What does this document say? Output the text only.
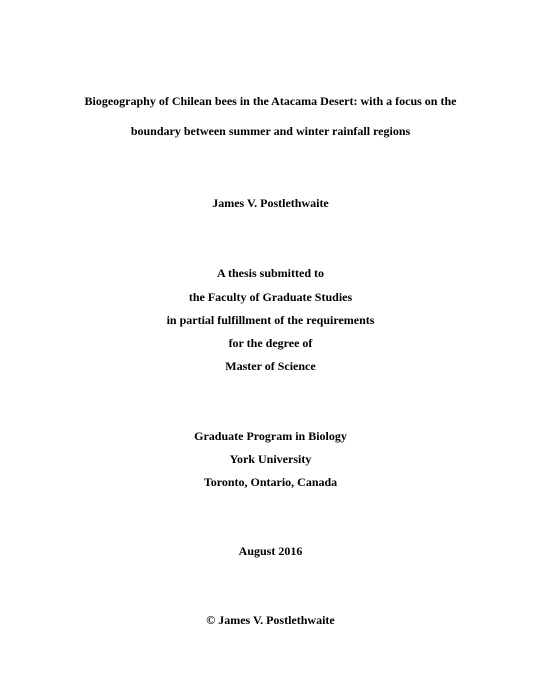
Biogeography of Chilean bees in the Atacama Desert: with a focus on the
boundary between summer and winter rainfall regions
James V. Postlethwaite
A thesis submitted to
the Faculty of Graduate Studies
in partial fulfillment of the requirements
for the degree of
Master of Science
Graduate Program in Biology
York University
Toronto, Ontario, Canada
August 2016
© James V. Postlethwaite
